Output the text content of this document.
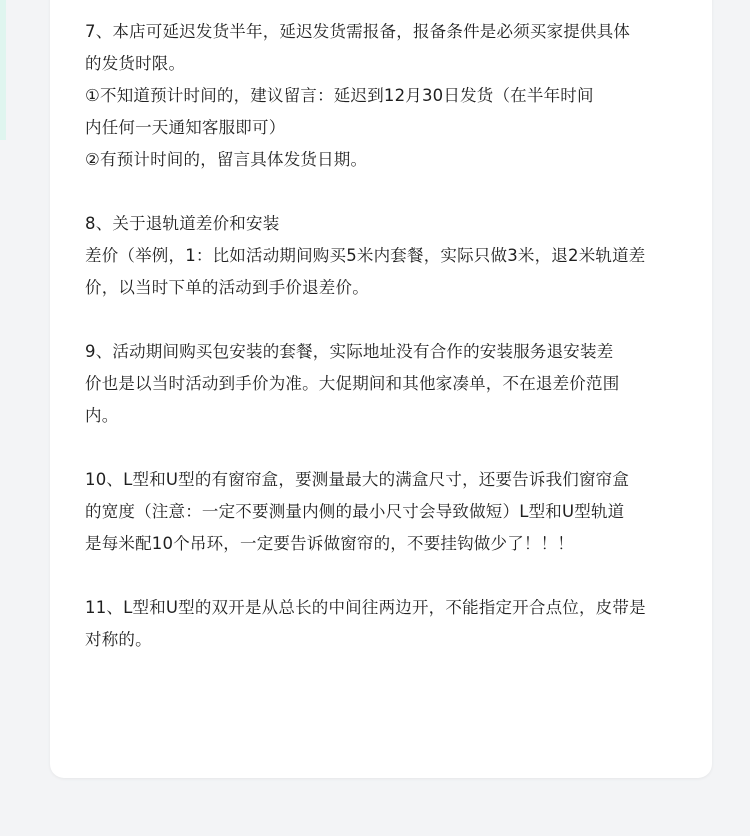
7、本店可延迟发货半年，延迟发货需报备，报备条件是必须买家提供具体
的发货时限。
①不知道预计时间的，建议留言：延迟到12月30日发货（在半年时间
内任何一天通知客服即可）
②有预计时间的，留言具体发货日期。
8、关于退轨道差价和安装
差价（举例，1：比如活动期间购买5米内套餐，实际只做3米，退2米轨道差
价，以当时下单的活动到手价退差价。
9、活动期间购买包安装的套餐，实际地址没有合作的安装服务退安装差
价也是以当时活动到手价为准。大促期间和其他家凑单，不在退差价范围
内。
10、L型和U型的有窗帘盒，要测量最大的满盒尺寸，还要告诉我们窗帘盒
的宽度（注意：一定不要测量内侧的最小尺寸会导致做短）L型和U型轨道
是每米配10个吊环，一定要告诉做窗帘的，不要挂钩做少了！！！
11、L型和U型的双开是从总长的中间往两边开，不能指定开合点位，皮带是
对称的。
